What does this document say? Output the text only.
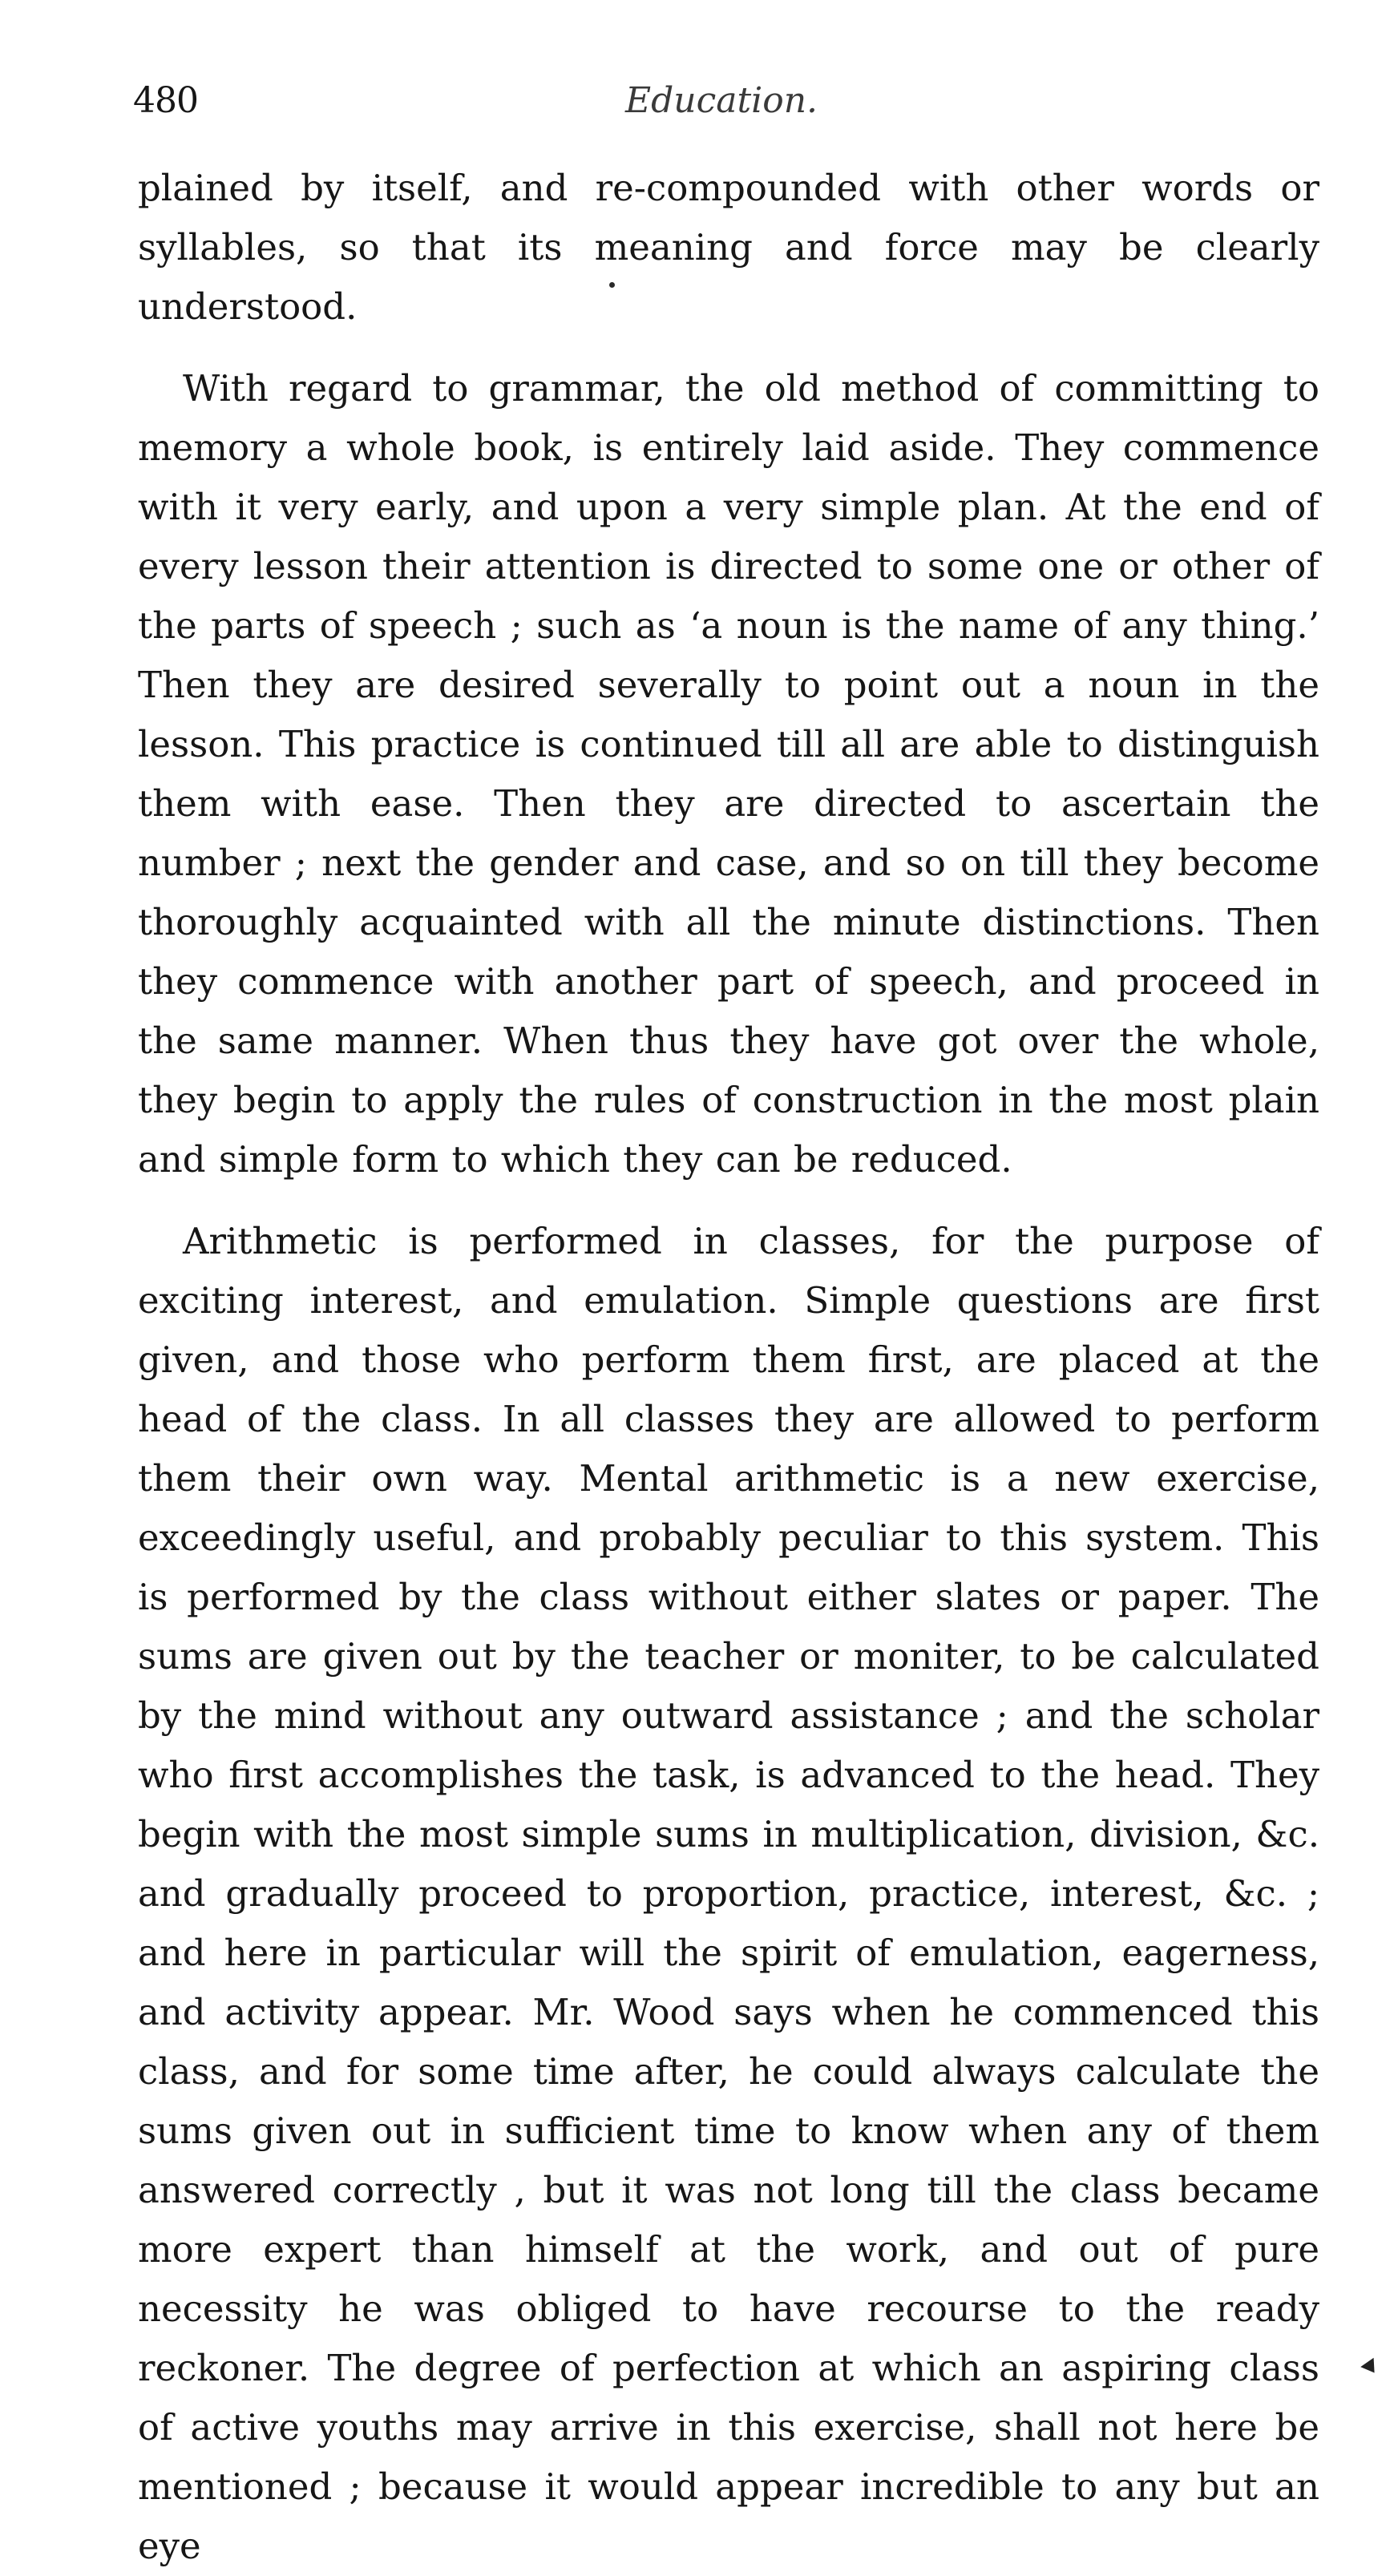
480	Education.

plained by itself, and re-compounded with other words or syllables, so that its meaning and force may be clearly understood.

With regard to grammar, the old method of committing to memory a whole book, is entirely laid aside. They commence with it very early, and upon a very simple plan. At the end of every lesson their attention is directed to some one or other of the parts of speech ; such as ‘a noun is the name of any thing.’ Then they are desired severally to point out a noun in the lesson. This practice is continued till all are able to distinguish them with ease. Then they are directed to ascertain the number ; next the gender and case, and so on till they become thoroughly acquainted with all the minute distinctions. Then they commence with another part of speech, and proceed in the same manner. When thus they have got over the whole, they begin to apply the rules of construction in the most plain and simple form to which they can be reduced.

Arithmetic is performed in classes, for the purpose of exciting interest, and emulation. Simple questions are first given, and those who perform them first, are placed at the head of the class. In all classes they are allowed to perform them their own way. Mental arithmetic is a new exercise, exceedingly useful, and probably peculiar to this system. This is performed by the class without either slates or paper. The sums are given out by the teacher or moniter, to be calculated by the mind without any outward assistance ; and the scholar who first accomplishes the task, is advanced to the head. They begin with the most simple sums in multiplication, division, &c. and gradually proceed to proportion, practice, interest, &c. ; and here in particular will the spirit of emulation, eagerness, and activity appear. Mr. Wood says when he commenced this class, and for some time after, he could always calculate the sums given out in sufficient time to know when any of them answered correctly , but it was not long till the class became more expert than himself at the work, and out of pure necessity he was obliged to have recourse to the ready reckoner. The degree of perfection at which an aspiring class of active youths may arrive in this exercise, shall not here be mentioned ; because it would appear incredible to any but an eye
